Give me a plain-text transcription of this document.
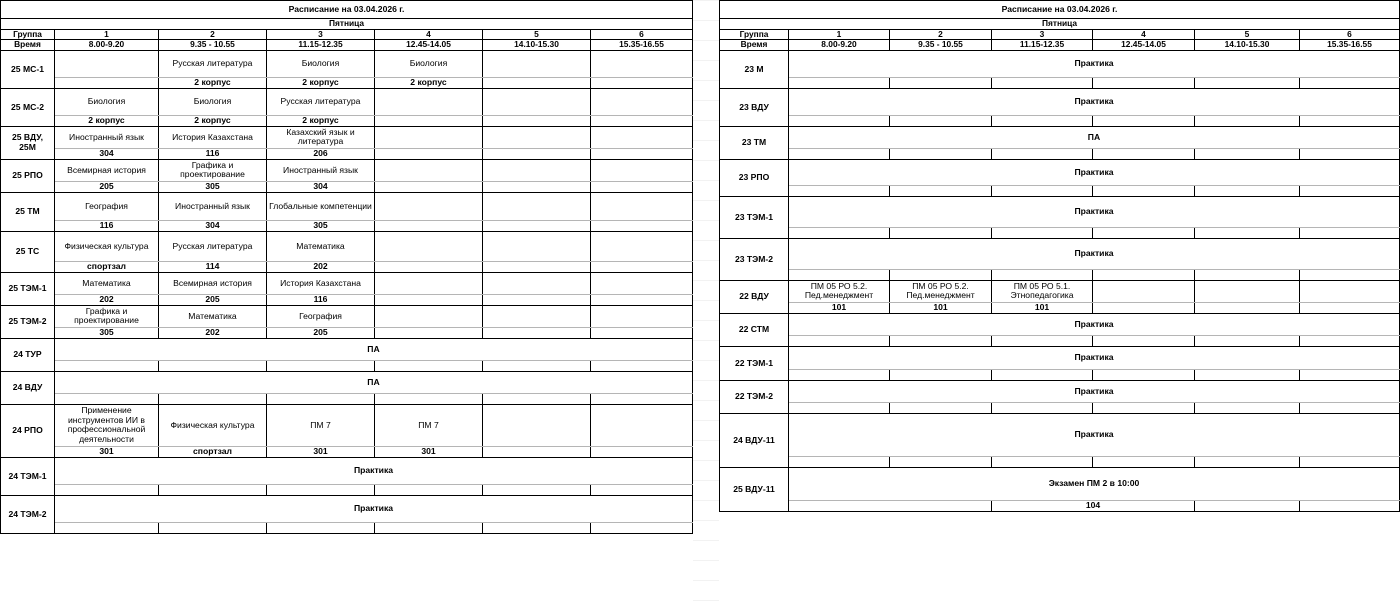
Расписание на 03.04.2026 г.						
Пятница						
Группа	1	2	3	4	5	6
Время	8.00-9.20	9.35 - 10.55	11.15-12.35	12.45-14.05	14.10-15.30	15.35-16.55
25 МС-1		Русская литература	Биология	Биология		
		2 корпус	2 корпус	2 корпус		
25 МС-2	Биология	Биология	Русская литература			
	2 корпус	2 корпус	2 корпус			
25 ВДУ, 25М	Иностранный язык	История Казахстана	Казахский язык и литература			
	304	116	206			
25 РПО	Всемирная история	Графика и проектирование	Иностранный язык			
	205	305	304			
25 ТМ	География	Иностранный язык	Глобальные компетенции			
	116	304	305			
25 ТС	Физическая культура	Русская литература	Математика			
	спортзал	114	202			
25 ТЭМ-1	Математика	Всемирная история	История Казахстана			
	202	205	116			
25 ТЭМ-2	Графика и проектирование	Математика	География			
	305	202	205			
24 ТУР	ПА					

24 ВДУ	ПА					

24 РПО	Применение инструментов ИИ в профессиональной деятельности	Физическая культура	ПМ 7	ПМ 7		
	301	спортзал	301	301		
24 ТЭМ-1	Практика					

24 ТЭМ-2	Практика					

Расписание на 03.04.2026 г.						
Пятница						
Группа	1	2	3	4	5	6
Время	8.00-9.20	9.35 - 10.55	11.15-12.35	12.45-14.05	14.10-15.30	15.35-16.55
23 М	Практика					

23 ВДУ	Практика					

23 ТМ	ПА					

23 РПО	Практика					

23 ТЭМ-1	Практика					

23 ТЭМ-2	Практика					

22 ВДУ	ПМ 05 РО 5.2. Пед.менеджмент	ПМ 05 РО 5.2. Пед.менеджмент	ПМ 05 РО 5.1. Этнопедагогика			
	101	101	101			
22 СТМ	Практика					

22 ТЭМ-1	Практика					

22 ТЭМ-2	Практика					

24 ВДУ-11	Практика					

25 ВДУ-11	Экзамен ПМ 2 в 10:00					
			104			
